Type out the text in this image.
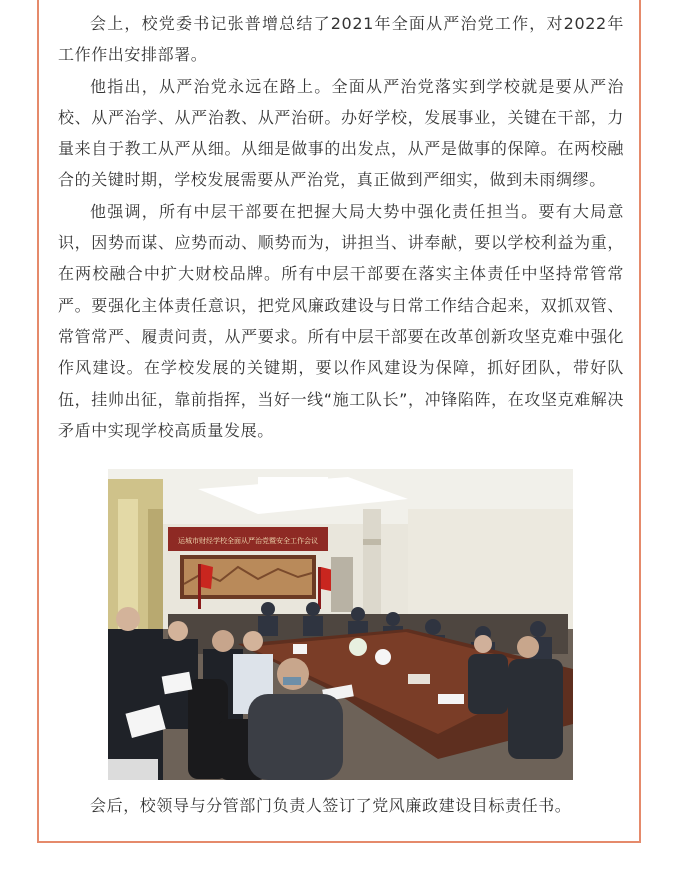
会上，校党委书记张普增总结了2021年全面从严治党工作，对2022年工作作出安排部署。

他指出，从严治党永远在路上。全面从严治党落实到学校就是要从严治校、从严治学、从严治教、从严治研。办好学校，发展事业，关键在干部，力量来自于教工从严从细。从细是做事的出发点，从严是做事的保障。在两校融合的关键时期，学校发展需要从严治党，真正做到严细实，做到未雨绸缪。

他强调，所有中层干部要在把握大局大势中强化责任担当。要有大局意识，因势而谋、应势而动、顺势而为，讲担当、讲奉献，要以学校利益为重，在两校融合中扩大财校品牌。所有中层干部要在落实主体责任中坚持常管常严。要强化主体责任意识，把党风廉政建设与日常工作结合起来，双抓双管、常管常严、履责问责，从严要求。所有中层干部要在改革创新攻坚克难中强化作风建设。在学校发展的关键期，要以作风建设为保障，抓好团队，带好队伍，挂帅出征，靠前指挥，当好一线“施工队长”，冲锋陷阵，在攻坚克难解决矛盾中实现学校高质量发展。

运城市财经学校全面从严治党暨安全工作会议

会后，校领导与分管部门负责人签订了党风廉政建设目标责任书。
